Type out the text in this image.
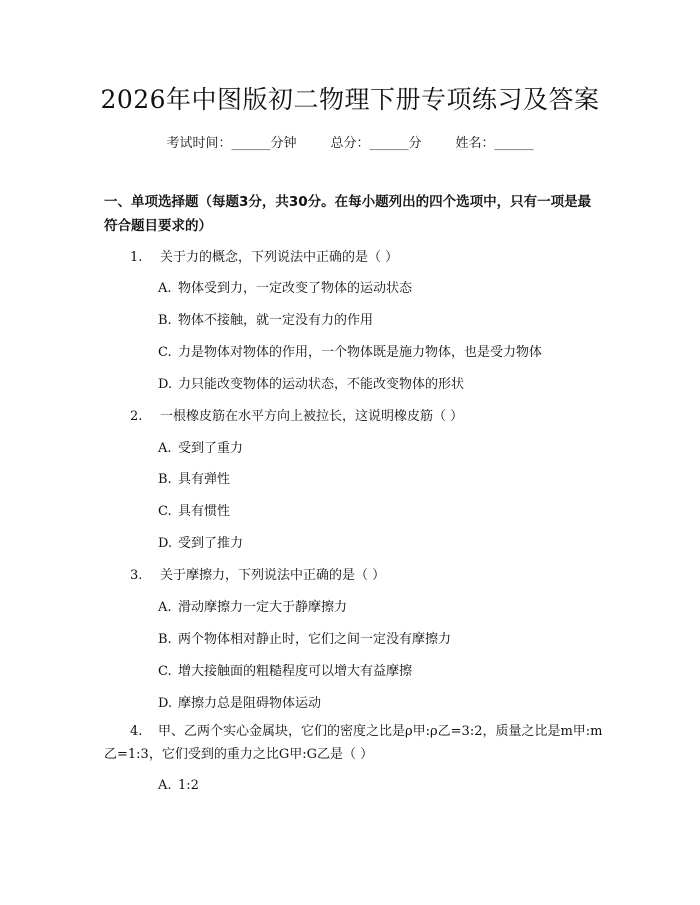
2026年中图版初二物理下册专项练习及答案
考试时间：______分钟	总分：______分	姓名：______
一、单项选择题（每题3分，共30分。在每小题列出的四个选项中，只有一项是最符合题目要求的）
1. 关于力的概念，下列说法中正确的是（ ）
A. 物体受到力，一定改变了物体的运动状态
B. 物体不接触，就一定没有力的作用
C. 力是物体对物体的作用，一个物体既是施力物体，也是受力物体
D. 力只能改变物体的运动状态，不能改变物体的形状
2. 一根橡皮筋在水平方向上被拉长，这说明橡皮筋（ ）
A. 受到了重力
B. 具有弹性
C. 具有惯性
D. 受到了推力
3. 关于摩擦力，下列说法中正确的是（ ）
A. 滑动摩擦力一定大于静摩擦力
B. 两个物体相对静止时，它们之间一定没有摩擦力
C. 增大接触面的粗糙程度可以增大有益摩擦
D. 摩擦力总是阻碍物体运动
4. 甲、乙两个实心金属块，它们的密度之比是ρ甲:ρ乙=3:2，质量之比是m甲:m乙=1:3，它们受到的重力之比G甲:G乙是（ ）
A. 1:2
